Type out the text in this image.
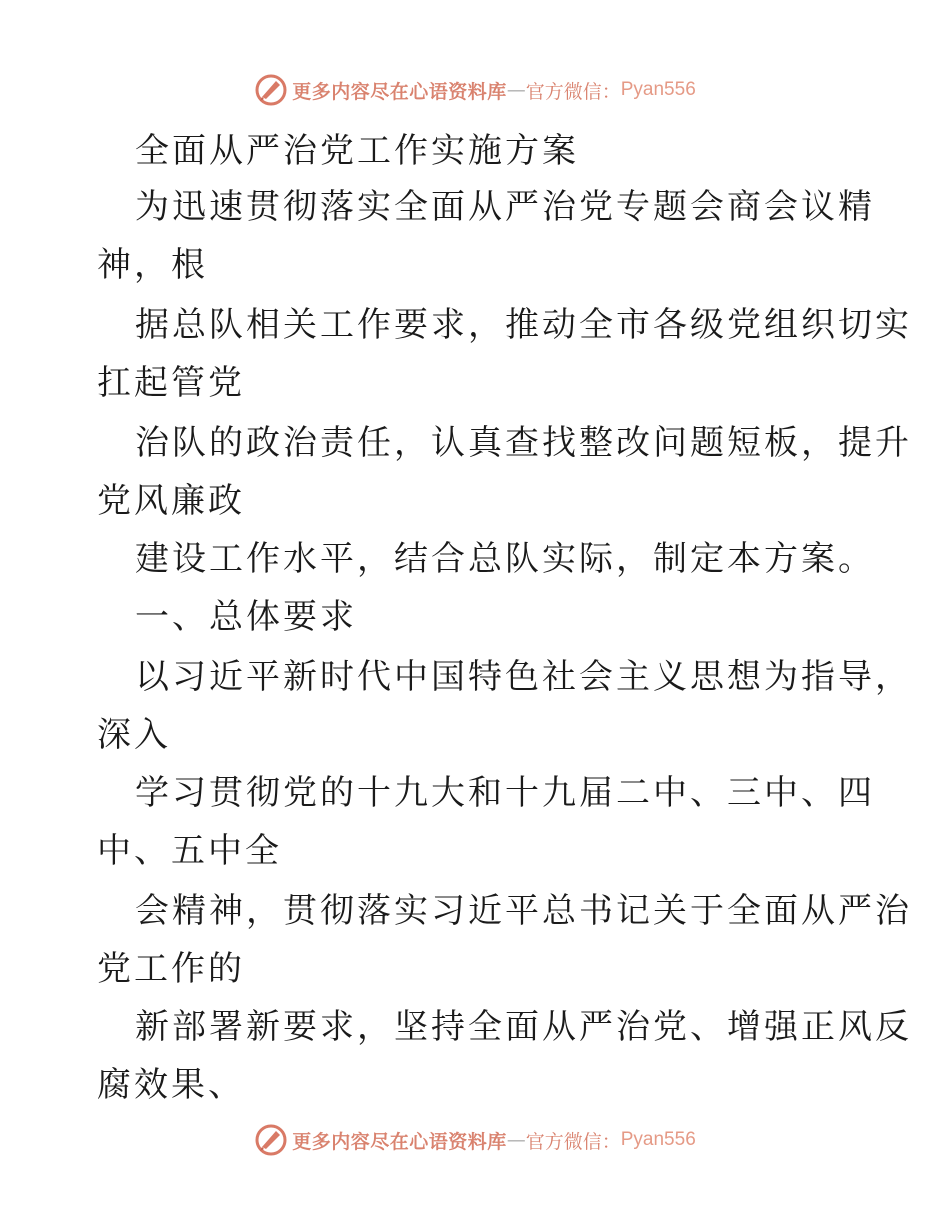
更多内容尽在心语资料库 — 官方微信： Pyan556
全面从严治党工作实施方案
为迅速贯彻落实全面从严治党专题会商会议精
神，根
据总队相关工作要求，推动全市各级党组织切实
扛起管党
治队的政治责任，认真查找整改问题短板，提升
党风廉政
建设工作水平，结合总队实际，制定本方案。
一、总体要求
以习近平新时代中国特色社会主义思想为指导，
深入
学习贯彻党的十九大和十九届二中、三中、四
中、五中全
会精神，贯彻落实习近平总书记关于全面从严治
党工作的
新部署新要求，坚持全面从严治党、增强正风反
腐效果、
更多内容尽在心语资料库 — 官方微信： Pyan556
